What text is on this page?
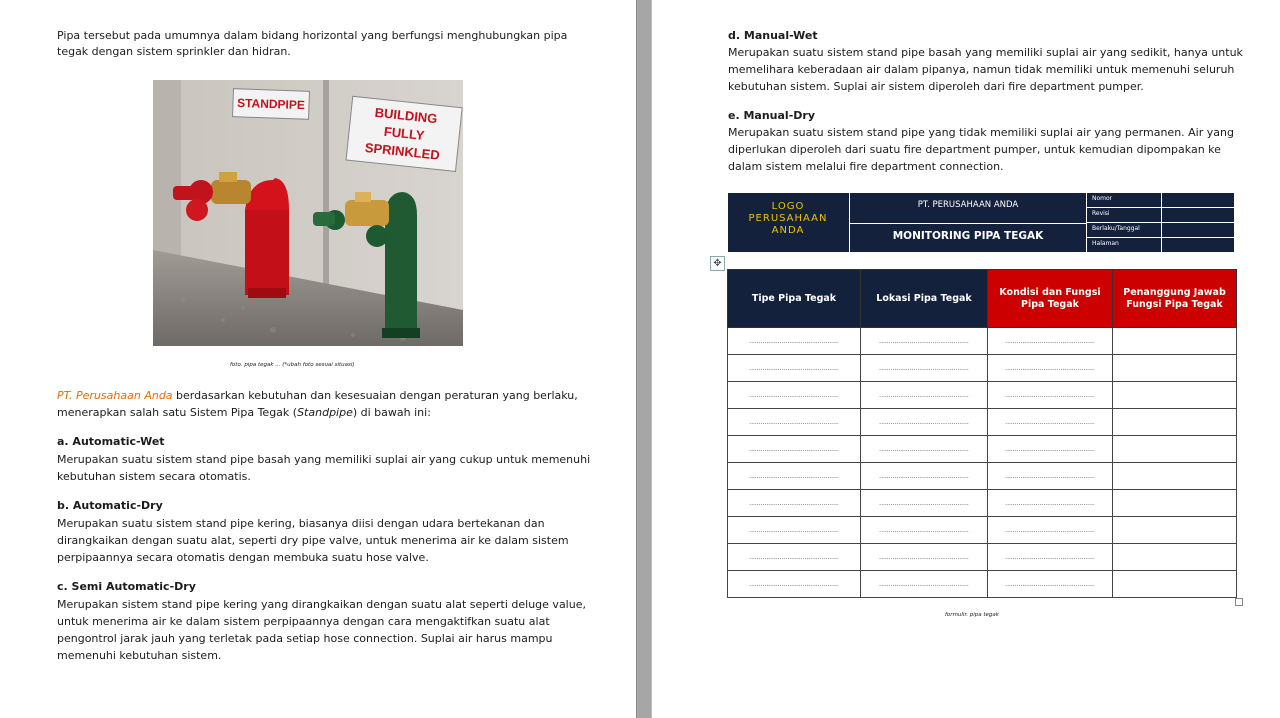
Pipa tersebut pada umumnya dalam bidang horizontal yang berfungsi menghubungkan pipa
tegak dengan sistem sprinkler dan hidran.
STANDPIPE
BUILDING
FULLY
SPRINKLED
foto. pipa tegak ... (*ubah foto sesuai situasi)
PT. Perusahaan Anda berdasarkan kebutuhan dan kesesuaian dengan peraturan yang berlaku,
menerapkan salah satu Sistem Pipa Tegak (Standpipe) di bawah ini:
a. Automatic-Wet
Merupakan suatu sistem stand pipe basah yang memiliki suplai air yang cukup untuk memenuhi
kebutuhan sistem secara otomatis.
b. Automatic-Dry
Merupakan suatu sistem stand pipe kering, biasanya diisi dengan udara bertekanan dan
dirangkaikan dengan suatu alat, seperti dry pipe valve, untuk menerima air ke dalam sistem
perpipaannya secara otomatis dengan membuka suatu hose valve.
c. Semi Automatic-Dry
Merupakan sistem stand pipe kering yang dirangkaikan dengan suatu alat seperti deluge value,
untuk menerima air ke dalam sistem perpipaannya dengan cara mengaktifkan suatu alat
pengontrol jarak jauh yang terletak pada setiap hose connection. Suplai air harus mampu
memenuhi kebutuhan sistem.
d. Manual-Wet
Merupakan suatu sistem stand pipe basah yang memiliki suplai air yang sedikit, hanya untuk
memelihara keberadaan air dalam pipanya, namun tidak memiliki untuk memenuhi seluruh
kebutuhan sistem. Suplai air sistem diperoleh dari fire department pumper.
e. Manual-Dry
Merupakan suatu sistem stand pipe yang tidak memiliki suplai air yang permanen. Air yang
diperlukan diperoleh dari suatu fire department pumper, untuk kemudian dipompakan ke
dalam sistem melalui fire department connection.
LOGO
PERUSAHAAN
ANDA
PT. PERUSAHAAN ANDA
MONITORING PIPA TEGAK
Nomor
Revisi
Berlaku/Tanggal
Halaman
✥
Tipe Pipa Tegak	Lokasi Pipa Tegak	Kondisi dan Fungsi Pipa Tegak	Penanggung Jawab Fungsi Pipa Tegak
...............................................	...............................................	...............................................	
...............................................	...............................................	...............................................	
...............................................	...............................................	...............................................	
...............................................	...............................................	...............................................	
...............................................	...............................................	...............................................	
...............................................	...............................................	...............................................	
...............................................	...............................................	...............................................	
...............................................	...............................................	...............................................	
...............................................	...............................................	...............................................	
...............................................	...............................................	...............................................	
formulir. pipa tegak
